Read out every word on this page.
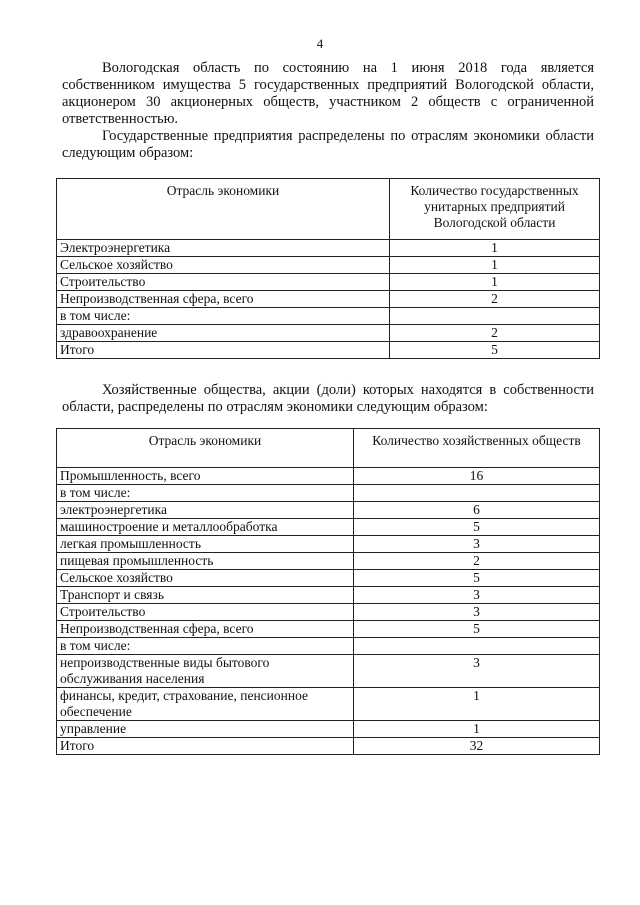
4

Вологодская область по состоянию на 1 июня 2018 года является собственником имущества 5 государственных предприятий Вологодской области, акционером 30 акционерных обществ, участником 2 обществ с ограниченной ответственностью.

Государственные предприятия распределены по отраслям экономики области следующим образом:

Отрасль экономики	Количество государственных унитарных предприятий Вологодской области
Электроэнергетика	1
Сельское хозяйство	1
Строительство	1
Непроизводственная сфера, всего	2
в том числе:	
здравоохранение	2
Итого	5

Хозяйственные общества, акции (доли) которых находятся в собственности области, распределены по отраслям экономики следующим образом:

Отрасль экономики	Количество хозяйственных обществ
Промышленность, всего	16
в том числе:	
электроэнергетика	6
машиностроение и металлообработка	5
легкая промышленность	3
пищевая промышленность	2
Сельское хозяйство	5
Транспорт и связь	3
Строительство	3
Непроизводственная сфера, всего	5
в том числе:	
непроизводственные виды бытового обслуживания населения	3
финансы, кредит, страхование, пенсионное обеспечение	1
управление	1
Итого	32
